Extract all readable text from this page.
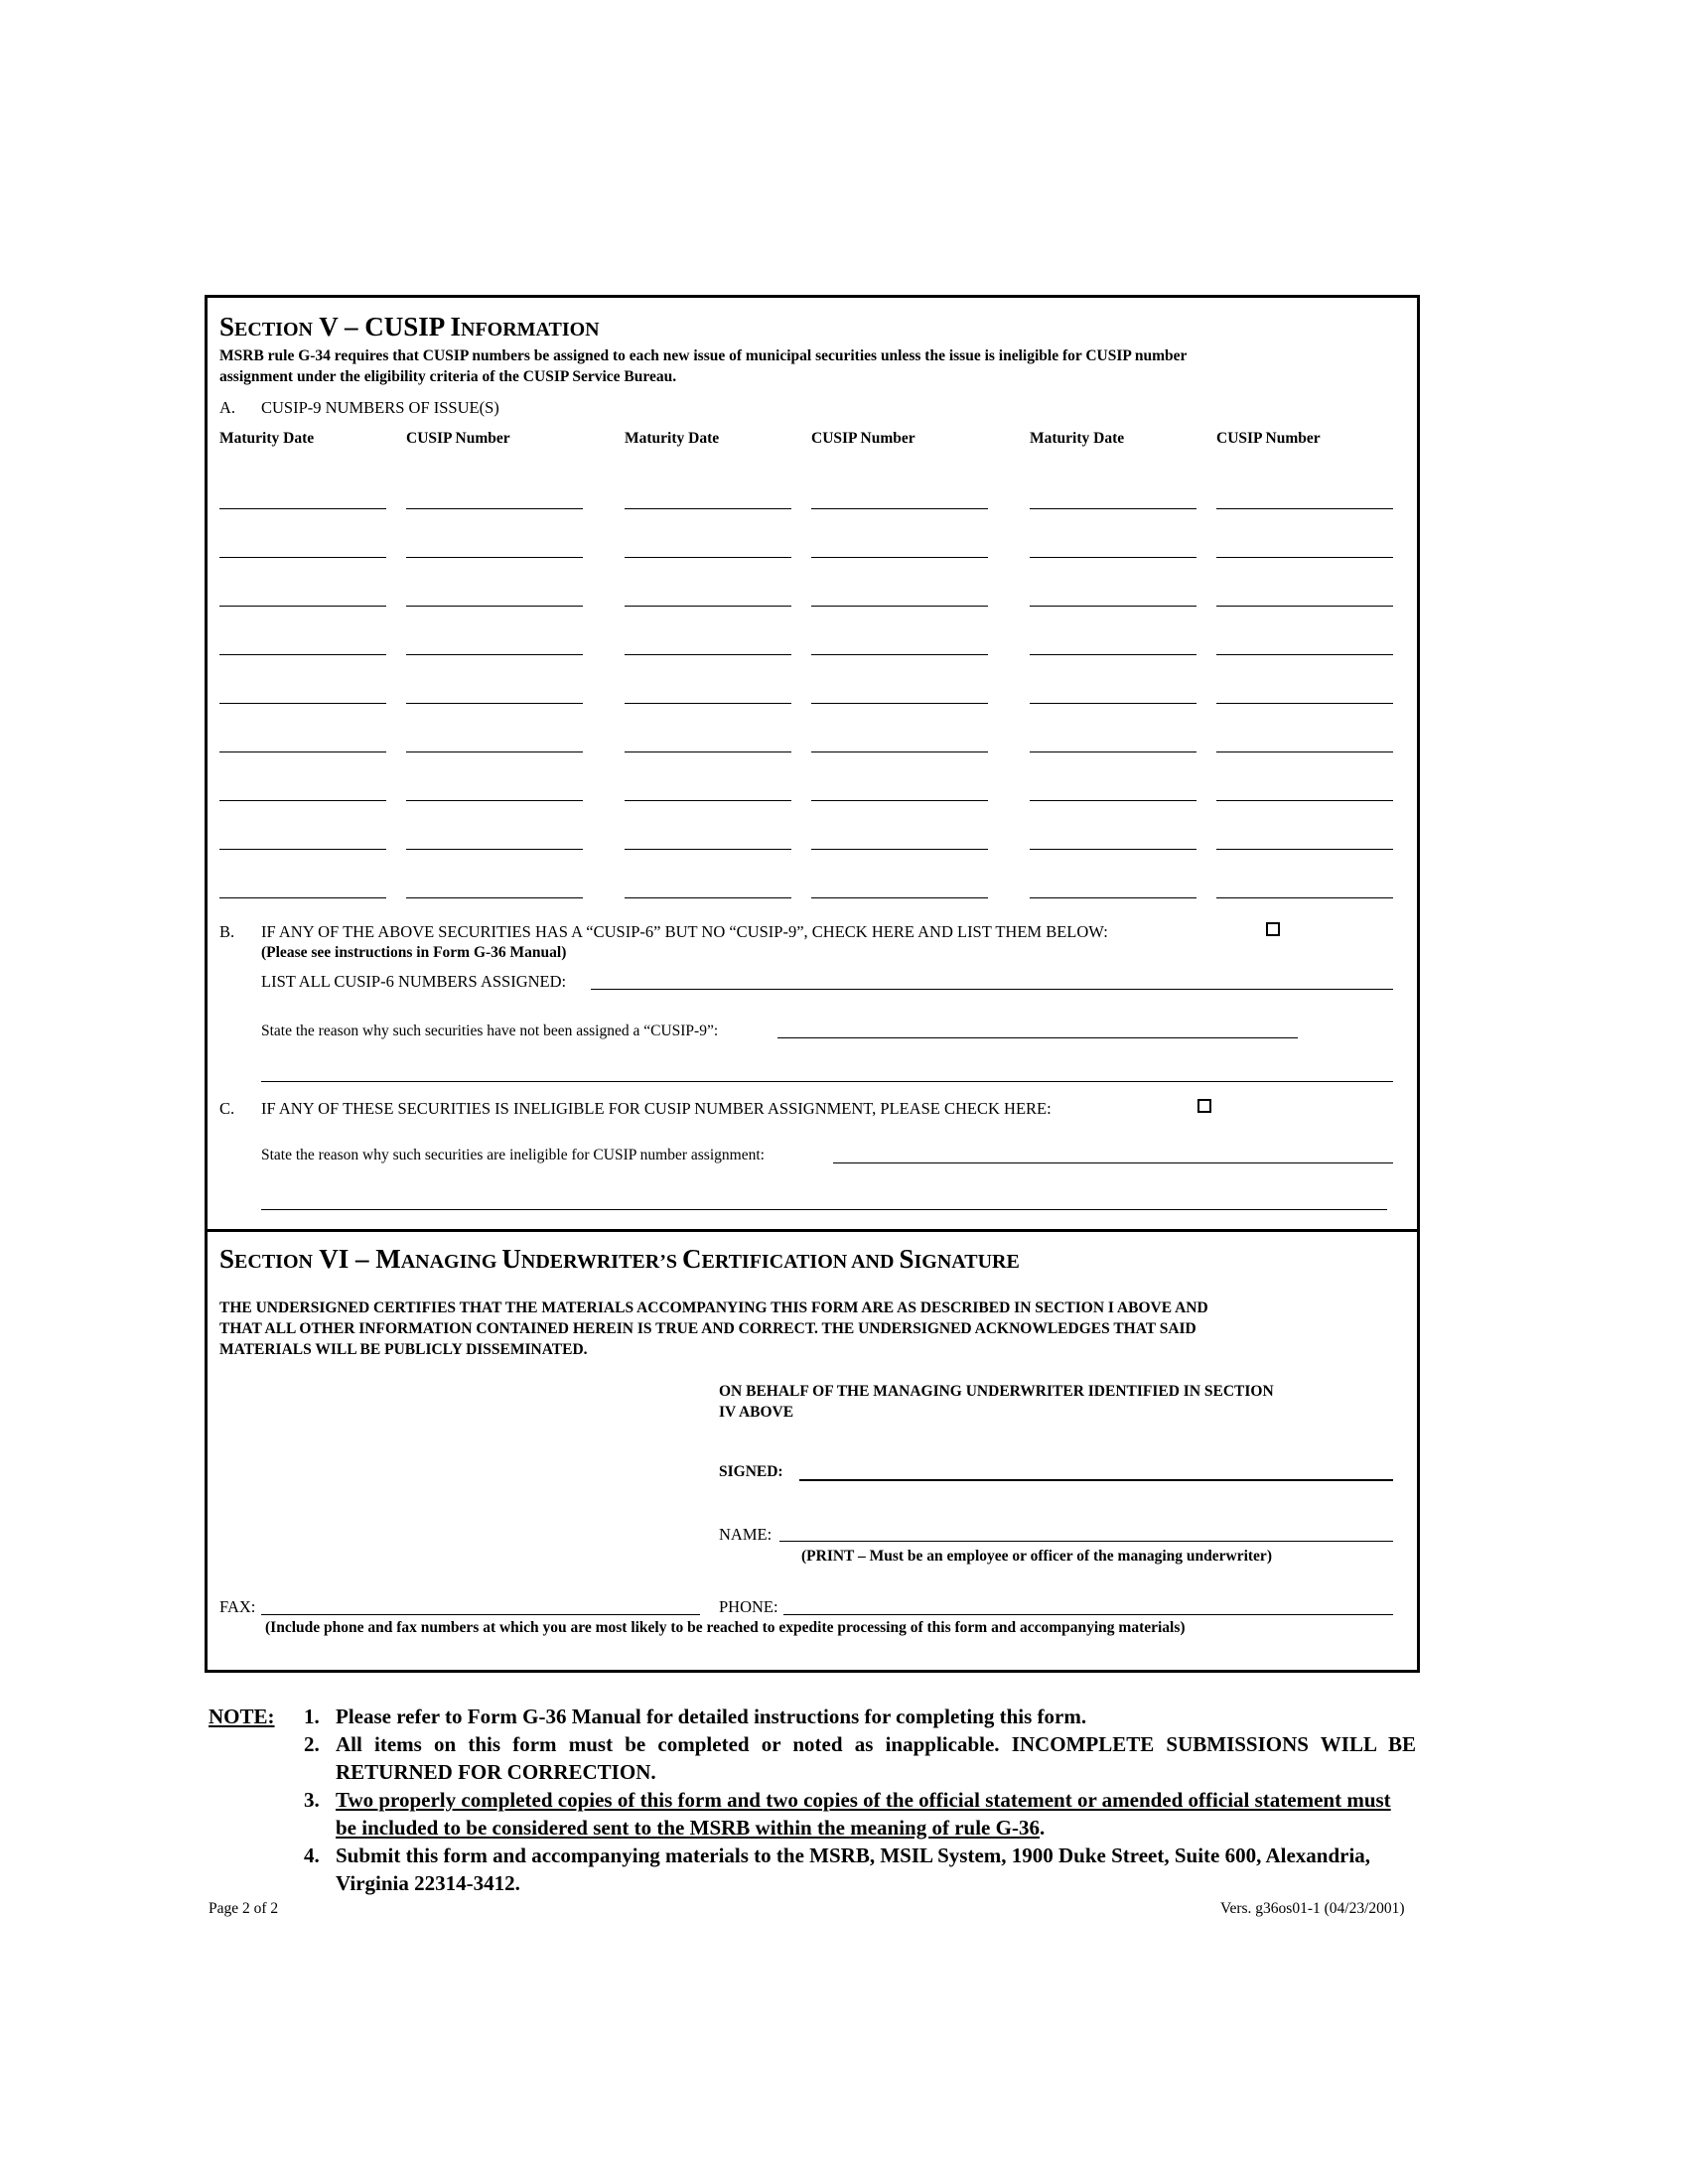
SECTION V – CUSIP INFORMATION
MSRB rule G-34 requires that CUSIP numbers be assigned to each new issue of municipal securities unless the issue is ineligible for CUSIP number
assignment under the eligibility criteria of the CUSIP Service Bureau.
A. CUSIP-9 NUMBERS OF ISSUE(S)
Maturity Date	CUSIP Number	Maturity Date	CUSIP Number	Maturity Date	CUSIP Number
B. IF ANY OF THE ABOVE SECURITIES HAS A “CUSIP-6” BUT NO “CUSIP-9”, CHECK HERE AND LIST THEM BELOW:
(Please see instructions in Form G-36 Manual)
LIST ALL CUSIP-6 NUMBERS ASSIGNED:
State the reason why such securities have not been assigned a “CUSIP-9”:
C. IF ANY OF THESE SECURITIES IS INELIGIBLE FOR CUSIP NUMBER ASSIGNMENT, PLEASE CHECK HERE:
State the reason why such securities are ineligible for CUSIP number assignment:
SECTION VI – MANAGING UNDERWRITER’S CERTIFICATION AND SIGNATURE
THE UNDERSIGNED CERTIFIES THAT THE MATERIALS ACCOMPANYING THIS FORM ARE AS DESCRIBED IN SECTION I ABOVE AND
THAT ALL OTHER INFORMATION CONTAINED HEREIN IS TRUE AND CORRECT. THE UNDERSIGNED ACKNOWLEDGES THAT SAID
MATERIALS WILL BE PUBLICLY DISSEMINATED.
ON BEHALF OF THE MANAGING UNDERWRITER IDENTIFIED IN SECTION
IV ABOVE
SIGNED:
NAME:
(PRINT – Must be an employee or officer of the managing underwriter)
FAX:	PHONE:
(Include phone and fax numbers at which you are most likely to be reached to expedite processing of this form and accompanying materials)
NOTE: 1. Please refer to Form G-36 Manual for detailed instructions for completing this form.
2. All items on this form must be completed or noted as inapplicable. INCOMPLETE SUBMISSIONS WILL BE RETURNED FOR CORRECTION.
3. Two properly completed copies of this form and two copies of the official statement or amended official statement must be included to be considered sent to the MSRB within the meaning of rule G-36.
4. Submit this form and accompanying materials to the MSRB, MSIL System, 1900 Duke Street, Suite 600, Alexandria, Virginia 22314-3412.
Page 2 of 2	Vers. g36os01-1 (04/23/2001)
